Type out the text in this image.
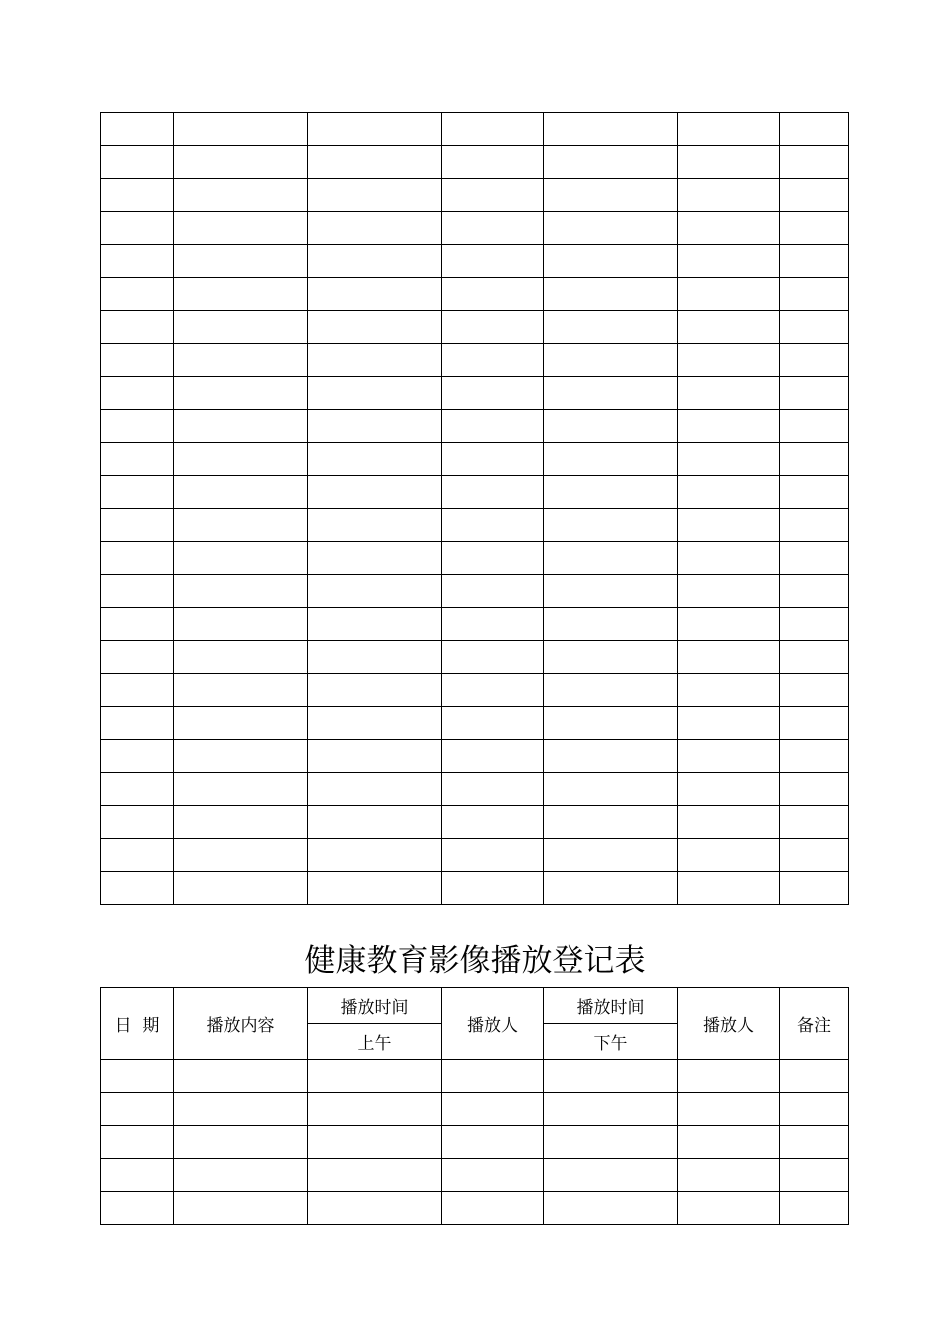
健康教育影像播放登记表
日  期	播放内容	播放时间	播放人	播放时间	播放人	备注
		上午		下午		
